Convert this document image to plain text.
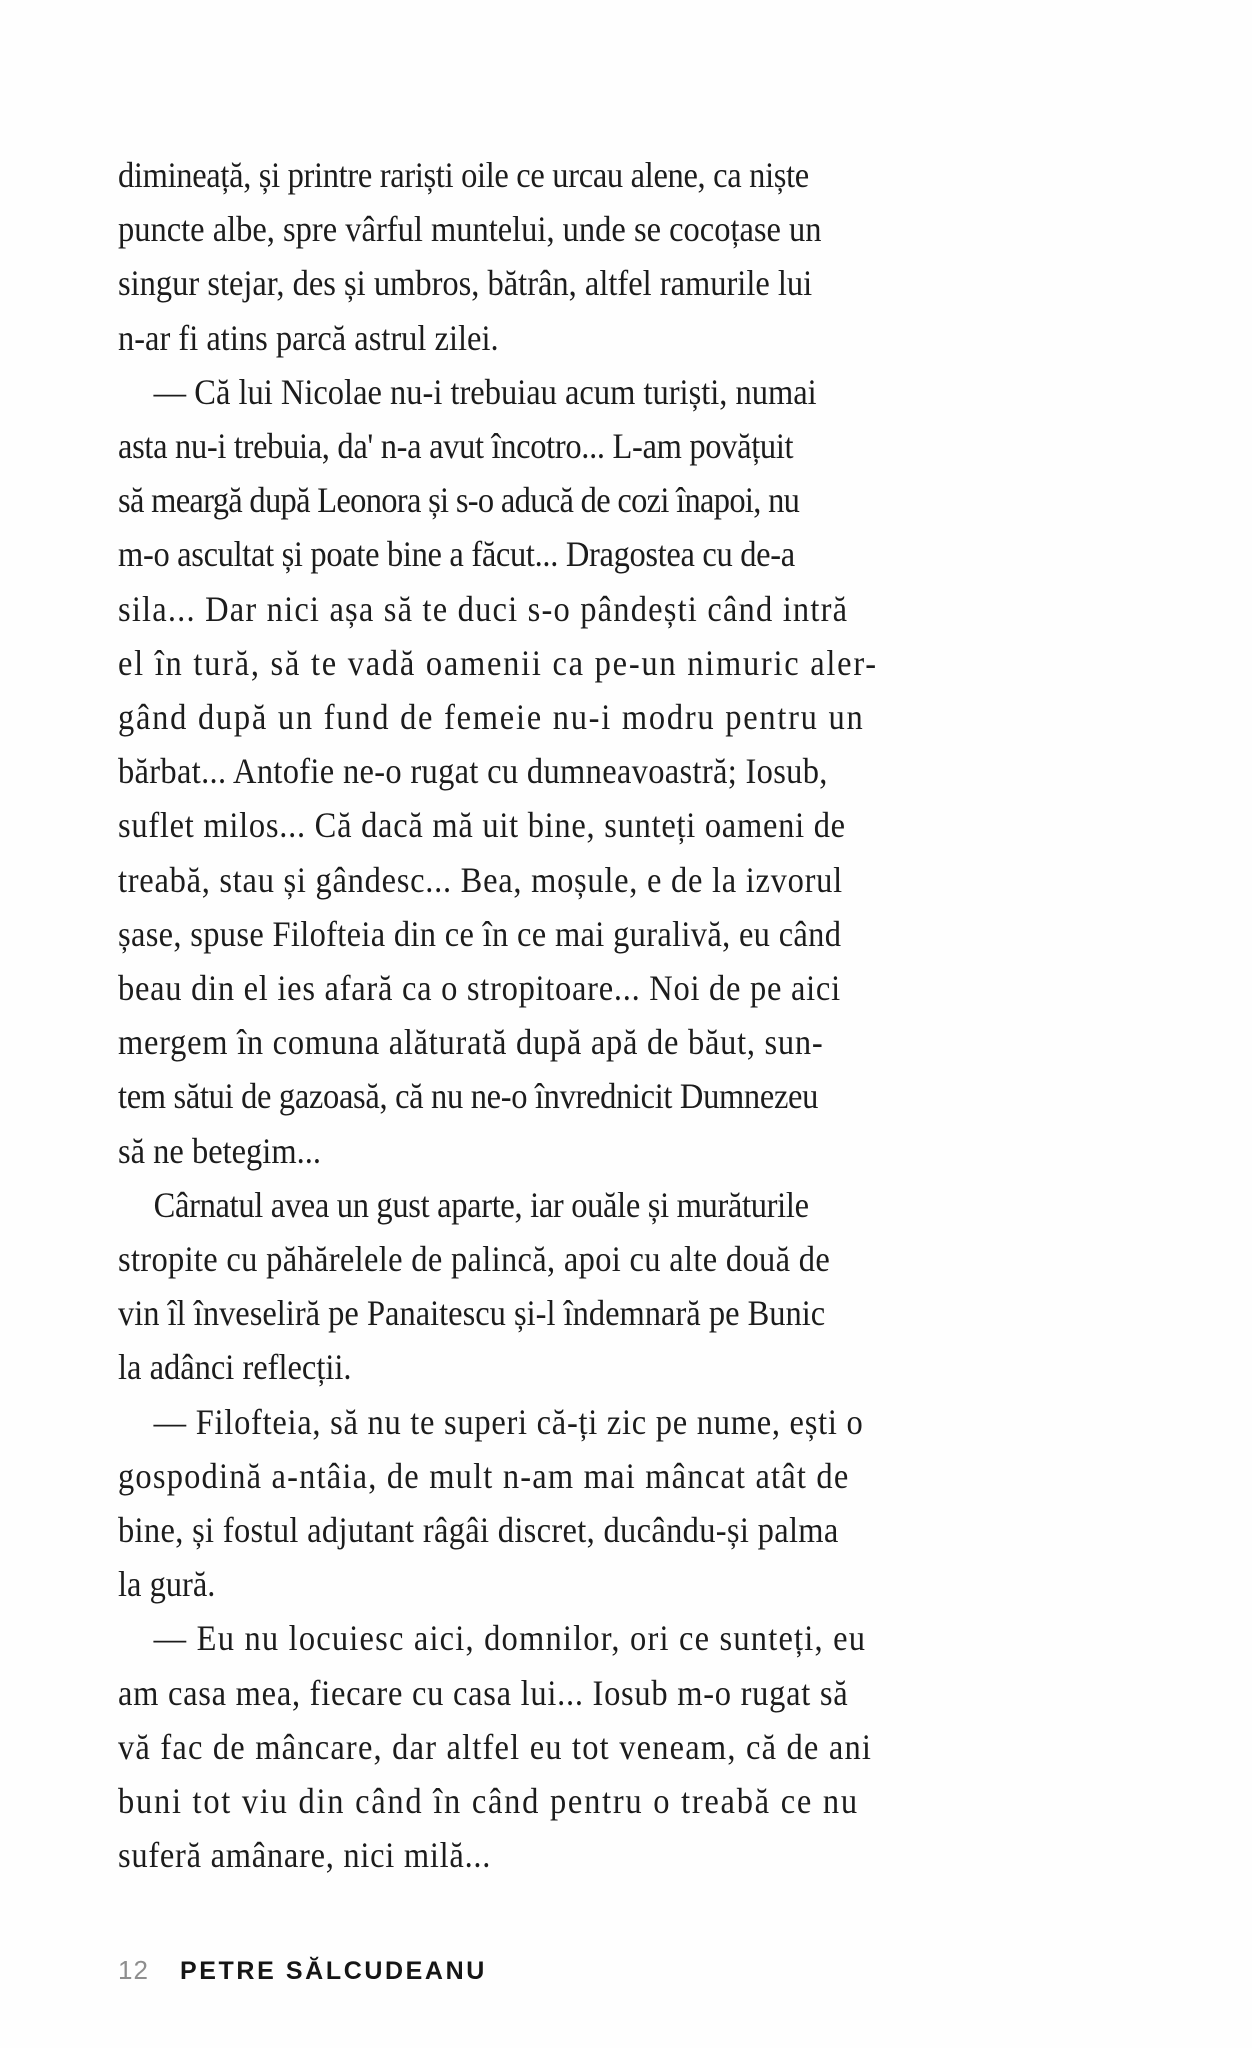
dimineață, și printre rariști oile ce urcau alene, ca niște
puncte albe, spre vârful muntelui, unde se cocoțase un
singur stejar, des și umbros, bătrân, altfel ramurile lui
n-ar fi atins parcă astrul zilei.
— Că lui Nicolae nu-i trebuiau acum turiști, numai
asta nu-i trebuia, da' n-a avut încotro... L-am povățuit
să meargă după Leonora și s-o aducă de cozi înapoi, nu
m-o ascultat și poate bine a făcut... Dragostea cu de-a
sila... Dar nici așa să te duci s-o pândești când intră
el în tură, să te vadă oamenii ca pe-un nimuric aler-
gând după un fund de femeie nu-i modru pentru un
bărbat... Antofie ne-o rugat cu dumneavoastră; Iosub,
suflet milos... Că dacă mă uit bine, sunteți oameni de
treabă, stau și gândesc... Bea, moșule, e de la izvorul
șase, spuse Filofteia din ce în ce mai guralivă, eu când
beau din el ies afară ca o stropitoare... Noi de pe aici
mergem în comuna alăturată după apă de băut, sun-
tem sătui de gazoasă, că nu ne-o învrednicit Dumnezeu
să ne betegim...
Cârnatul avea un gust aparte, iar ouăle și murăturile
stropite cu păhărelele de palincă, apoi cu alte două de
vin îl înveseliră pe Panaitescu și-l îndemnară pe Bunic
la adânci reflecții.
— Filofteia, să nu te superi că-ți zic pe nume, ești o
gospodină a-ntâia, de mult n-am mai mâncat atât de
bine, și fostul adjutant râgâi discret, ducându-și palma
la gură.
— Eu nu locuiesc aici, domnilor, ori ce sunteți, eu
am casa mea, fiecare cu casa lui... Iosub m-o rugat să
vă fac de mâncare, dar altfel eu tot veneam, că de ani
buni tot viu din când în când pentru o treabă ce nu
suferă amânare, nici milă...
12	PETRE SĂLCUDEANU
